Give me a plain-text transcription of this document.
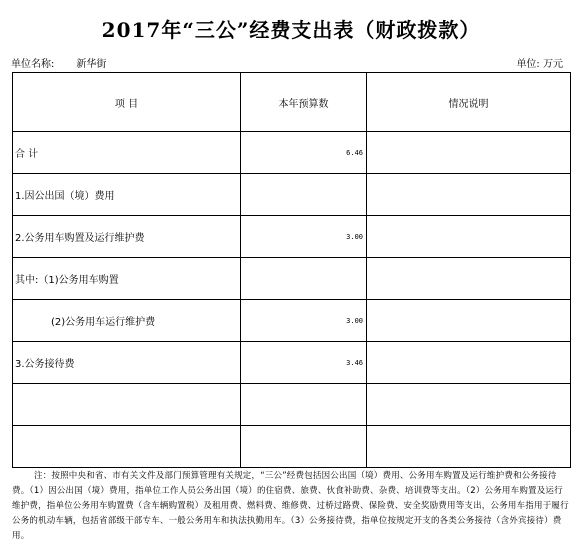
2017年“三公”经费支出表（财政拨款）
单位名称: 新华街	单位: 万元
项 目	本年预算数	情况说明
合 计	6.46	
1.因公出国（境）费用		
2.公务用车购置及运行维护费	3.00	
其中:（1)公务用车购置		
(2)公务用车运行维护费	3.00	
3.公务接待费	3.46	

注：按照中央和省、市有关文件及部门预算管理有关规定，“三公”经费包括因公出国（境）费用、公务用车购置及运行维护费和公务接待费。（1）因公出国（境）费用，指单位工作人员公务出国（境）的住宿费、旅费、伙食补助费、杂费、培训费等支出。（2）公务用车购置及运行维护费，指单位公务用车购置费（含车辆购置税）及租用费、燃料费、维修费、过桥过路费、保险费、安全奖励费用等支出，公务用车指用于履行公务的机动车辆，包括省部级干部专车、一般公务用车和执法执勤用车。（3）公务接待费，指单位按规定开支的各类公务接待（含外宾接待）费用。
